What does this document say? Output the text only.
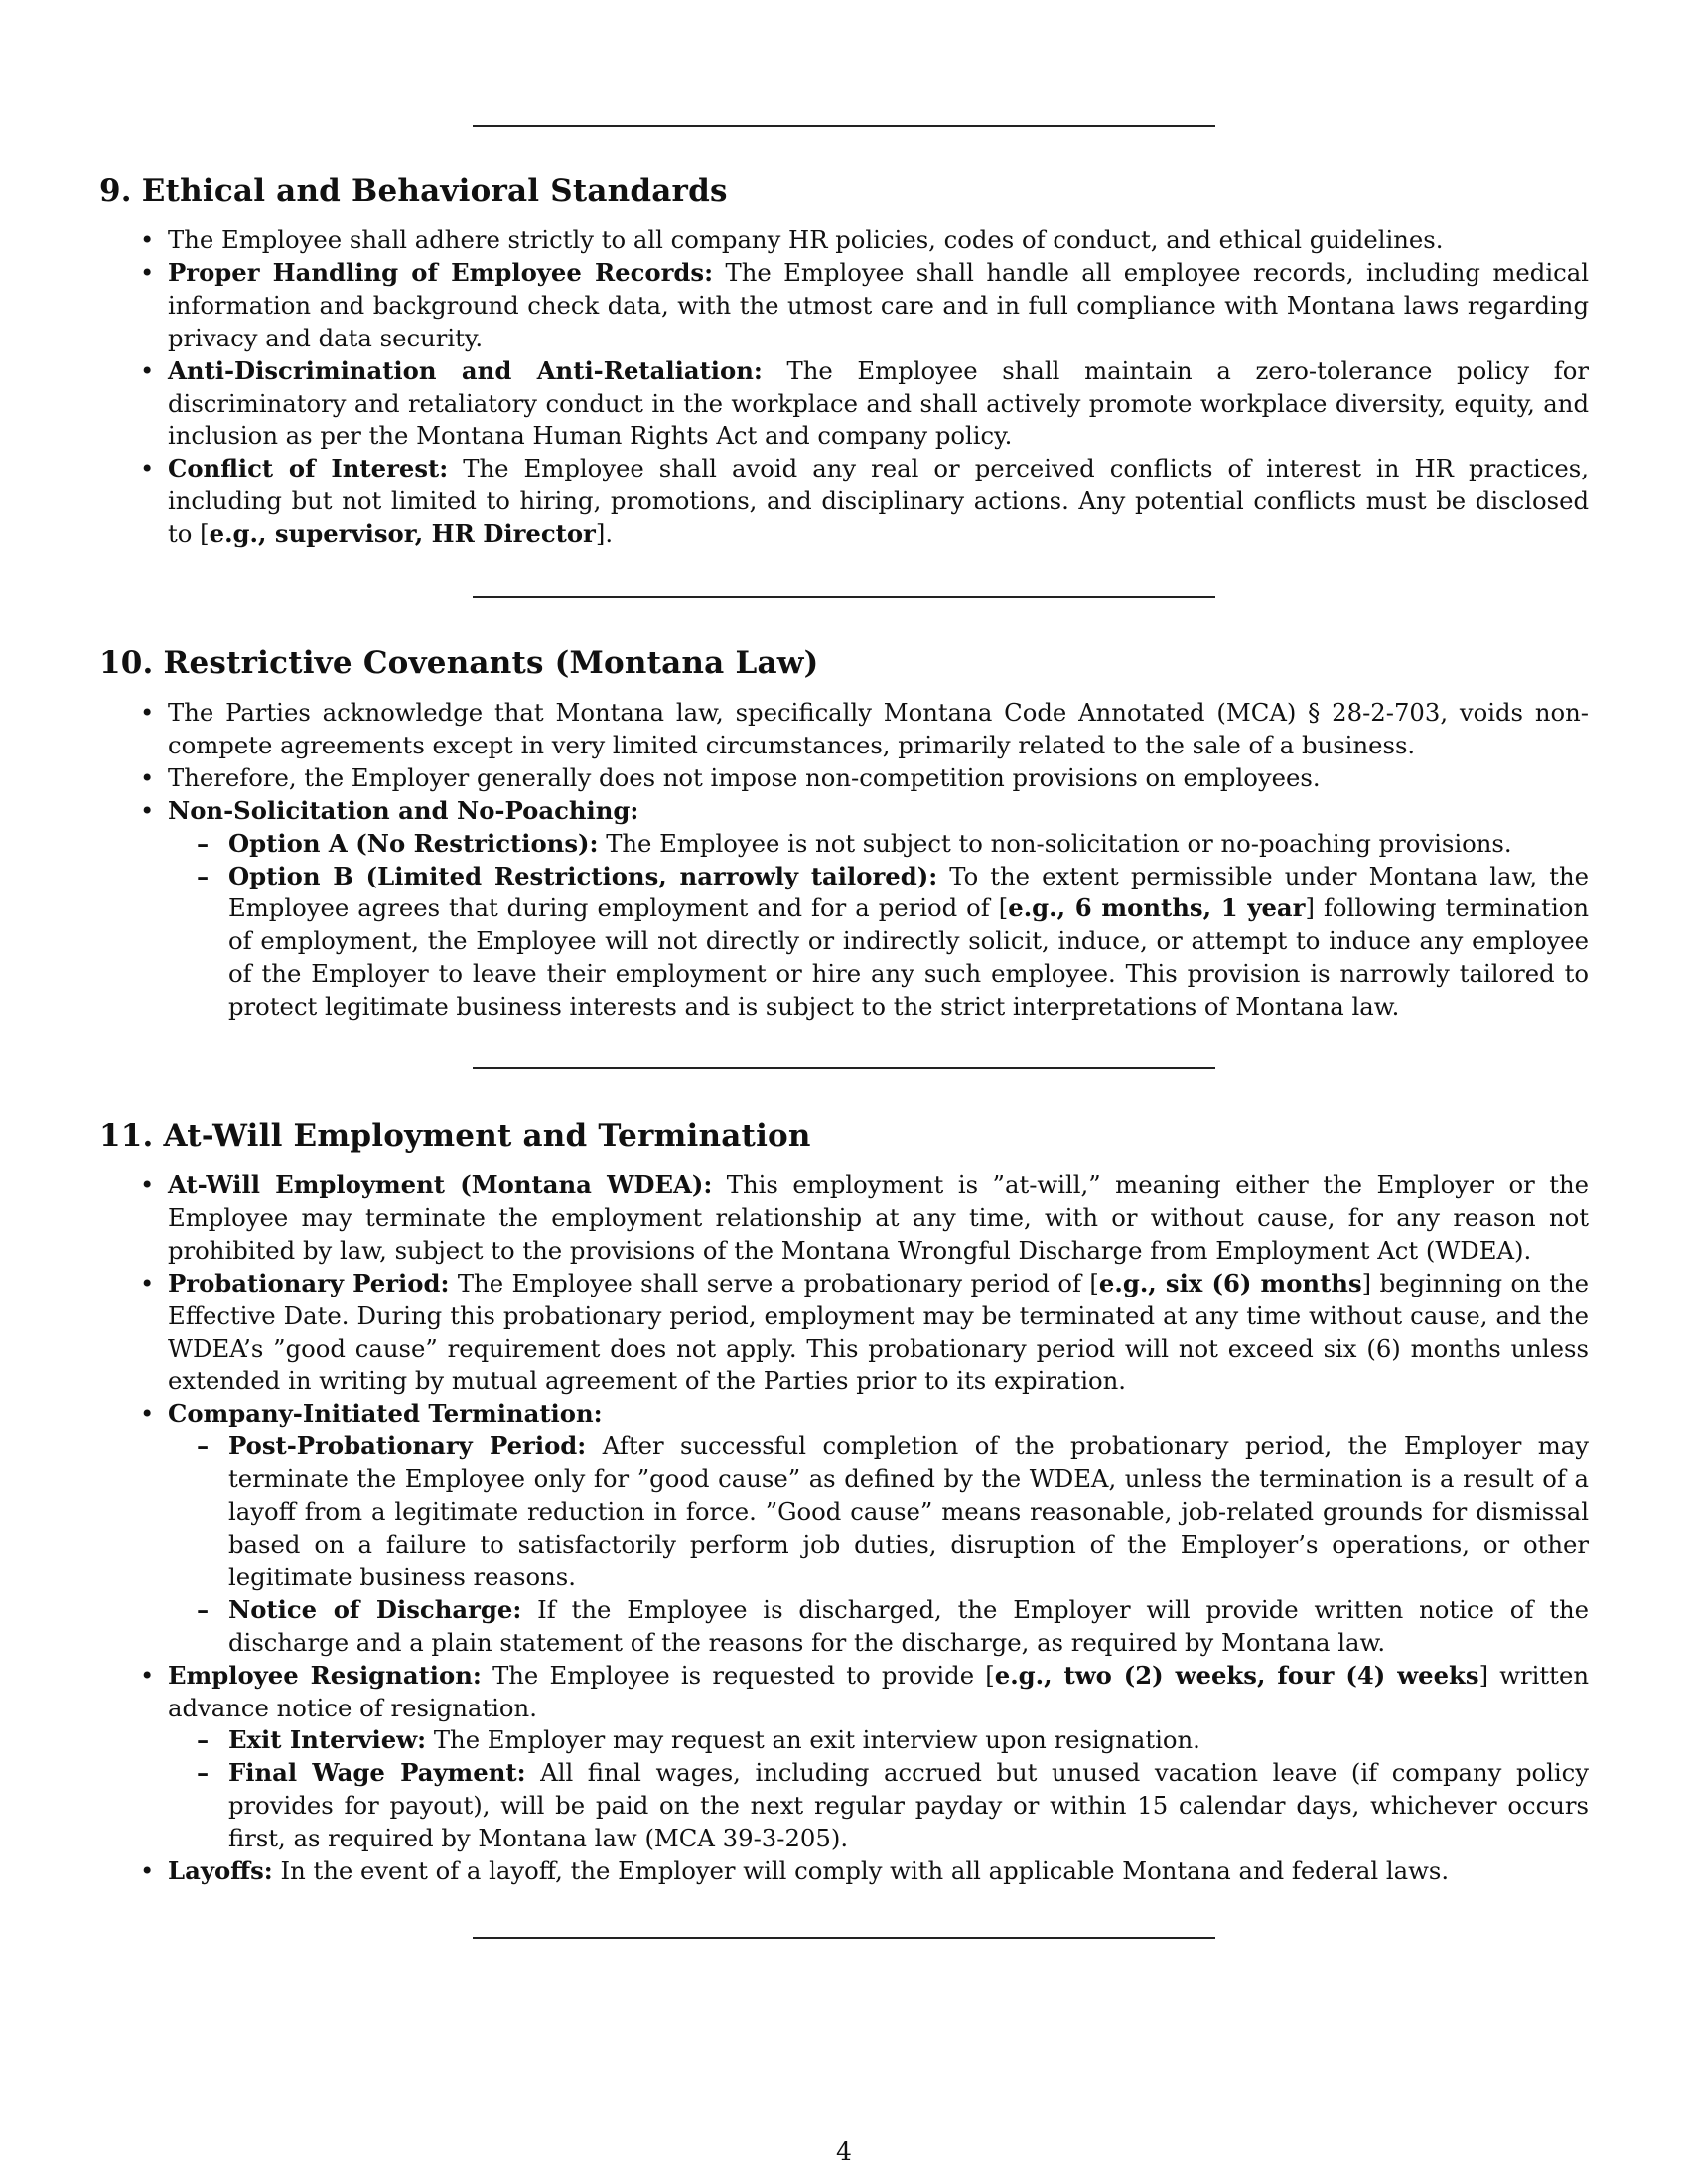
9. Ethical and Behavioral Standards
• The Employee shall adhere strictly to all company HR policies, codes of conduct, and ethical guidelines.
• Proper Handling of Employee Records: The Employee shall handle all employee records, including medical information and background check data, with the utmost care and in full compliance with Montana laws regarding privacy and data security.
• Anti-Discrimination and Anti-Retaliation: The Employee shall maintain a zero-tolerance policy for discriminatory and retaliatory conduct in the workplace and shall actively promote workplace diversity, equity, and inclusion as per the Montana Human Rights Act and company policy.
• Conflict of Interest: The Employee shall avoid any real or perceived conflicts of interest in HR practices, including but not limited to hiring, promotions, and disciplinary actions. Any potential conflicts must be disclosed to [e.g., supervisor, HR Director].
10. Restrictive Covenants (Montana Law)
• The Parties acknowledge that Montana law, specifically Montana Code Annotated (MCA) § 28-2-703, voids non-compete agreements except in very limited circumstances, primarily related to the sale of a business.
• Therefore, the Employer generally does not impose non-competition provisions on employees.
• Non-Solicitation and No-Poaching:
– Option A (No Restrictions): The Employee is not subject to non-solicitation or no-poaching provisions.
– Option B (Limited Restrictions, narrowly tailored): To the extent permissible under Montana law, the Employee agrees that during employment and for a period of [e.g., 6 months, 1 year] following termination of employment, the Employee will not directly or indirectly solicit, induce, or attempt to induce any employee of the Employer to leave their employment or hire any such employee. This provision is narrowly tailored to protect legitimate business interests and is subject to the strict interpretations of Montana law.
11. At-Will Employment and Termination
• At-Will Employment (Montana WDEA): This employment is ”at-will,” meaning either the Employer or the Employee may terminate the employment relationship at any time, with or without cause, for any reason not prohibited by law, subject to the provisions of the Montana Wrongful Discharge from Employment Act (WDEA).
• Probationary Period: The Employee shall serve a probationary period of [e.g., six (6) months] beginning on the Effective Date. During this probationary period, employment may be terminated at any time without cause, and the WDEA’s ”good cause” requirement does not apply. This probationary period will not exceed six (6) months unless extended in writing by mutual agreement of the Parties prior to its expiration.
• Company-Initiated Termination:
– Post-Probationary Period: After successful completion of the probationary period, the Employer may terminate the Employee only for ”good cause” as defined by the WDEA, unless the termination is a result of a layoff from a legitimate reduction in force. ”Good cause” means reasonable, job-related grounds for dismissal based on a failure to satisfactorily perform job duties, disruption of the Employer’s operations, or other legitimate business reasons.
– Notice of Discharge: If the Employee is discharged, the Employer will provide written notice of the discharge and a plain statement of the reasons for the discharge, as required by Montana law.
• Employee Resignation: The Employee is requested to provide [e.g., two (2) weeks, four (4) weeks] written advance notice of resignation.
– Exit Interview: The Employer may request an exit interview upon resignation.
– Final Wage Payment: All final wages, including accrued but unused vacation leave (if company policy provides for payout), will be paid on the next regular payday or within 15 calendar days, whichever occurs first, as required by Montana law (MCA 39-3-205).
• Layoffs: In the event of a layoff, the Employer will comply with all applicable Montana and federal laws.
4
